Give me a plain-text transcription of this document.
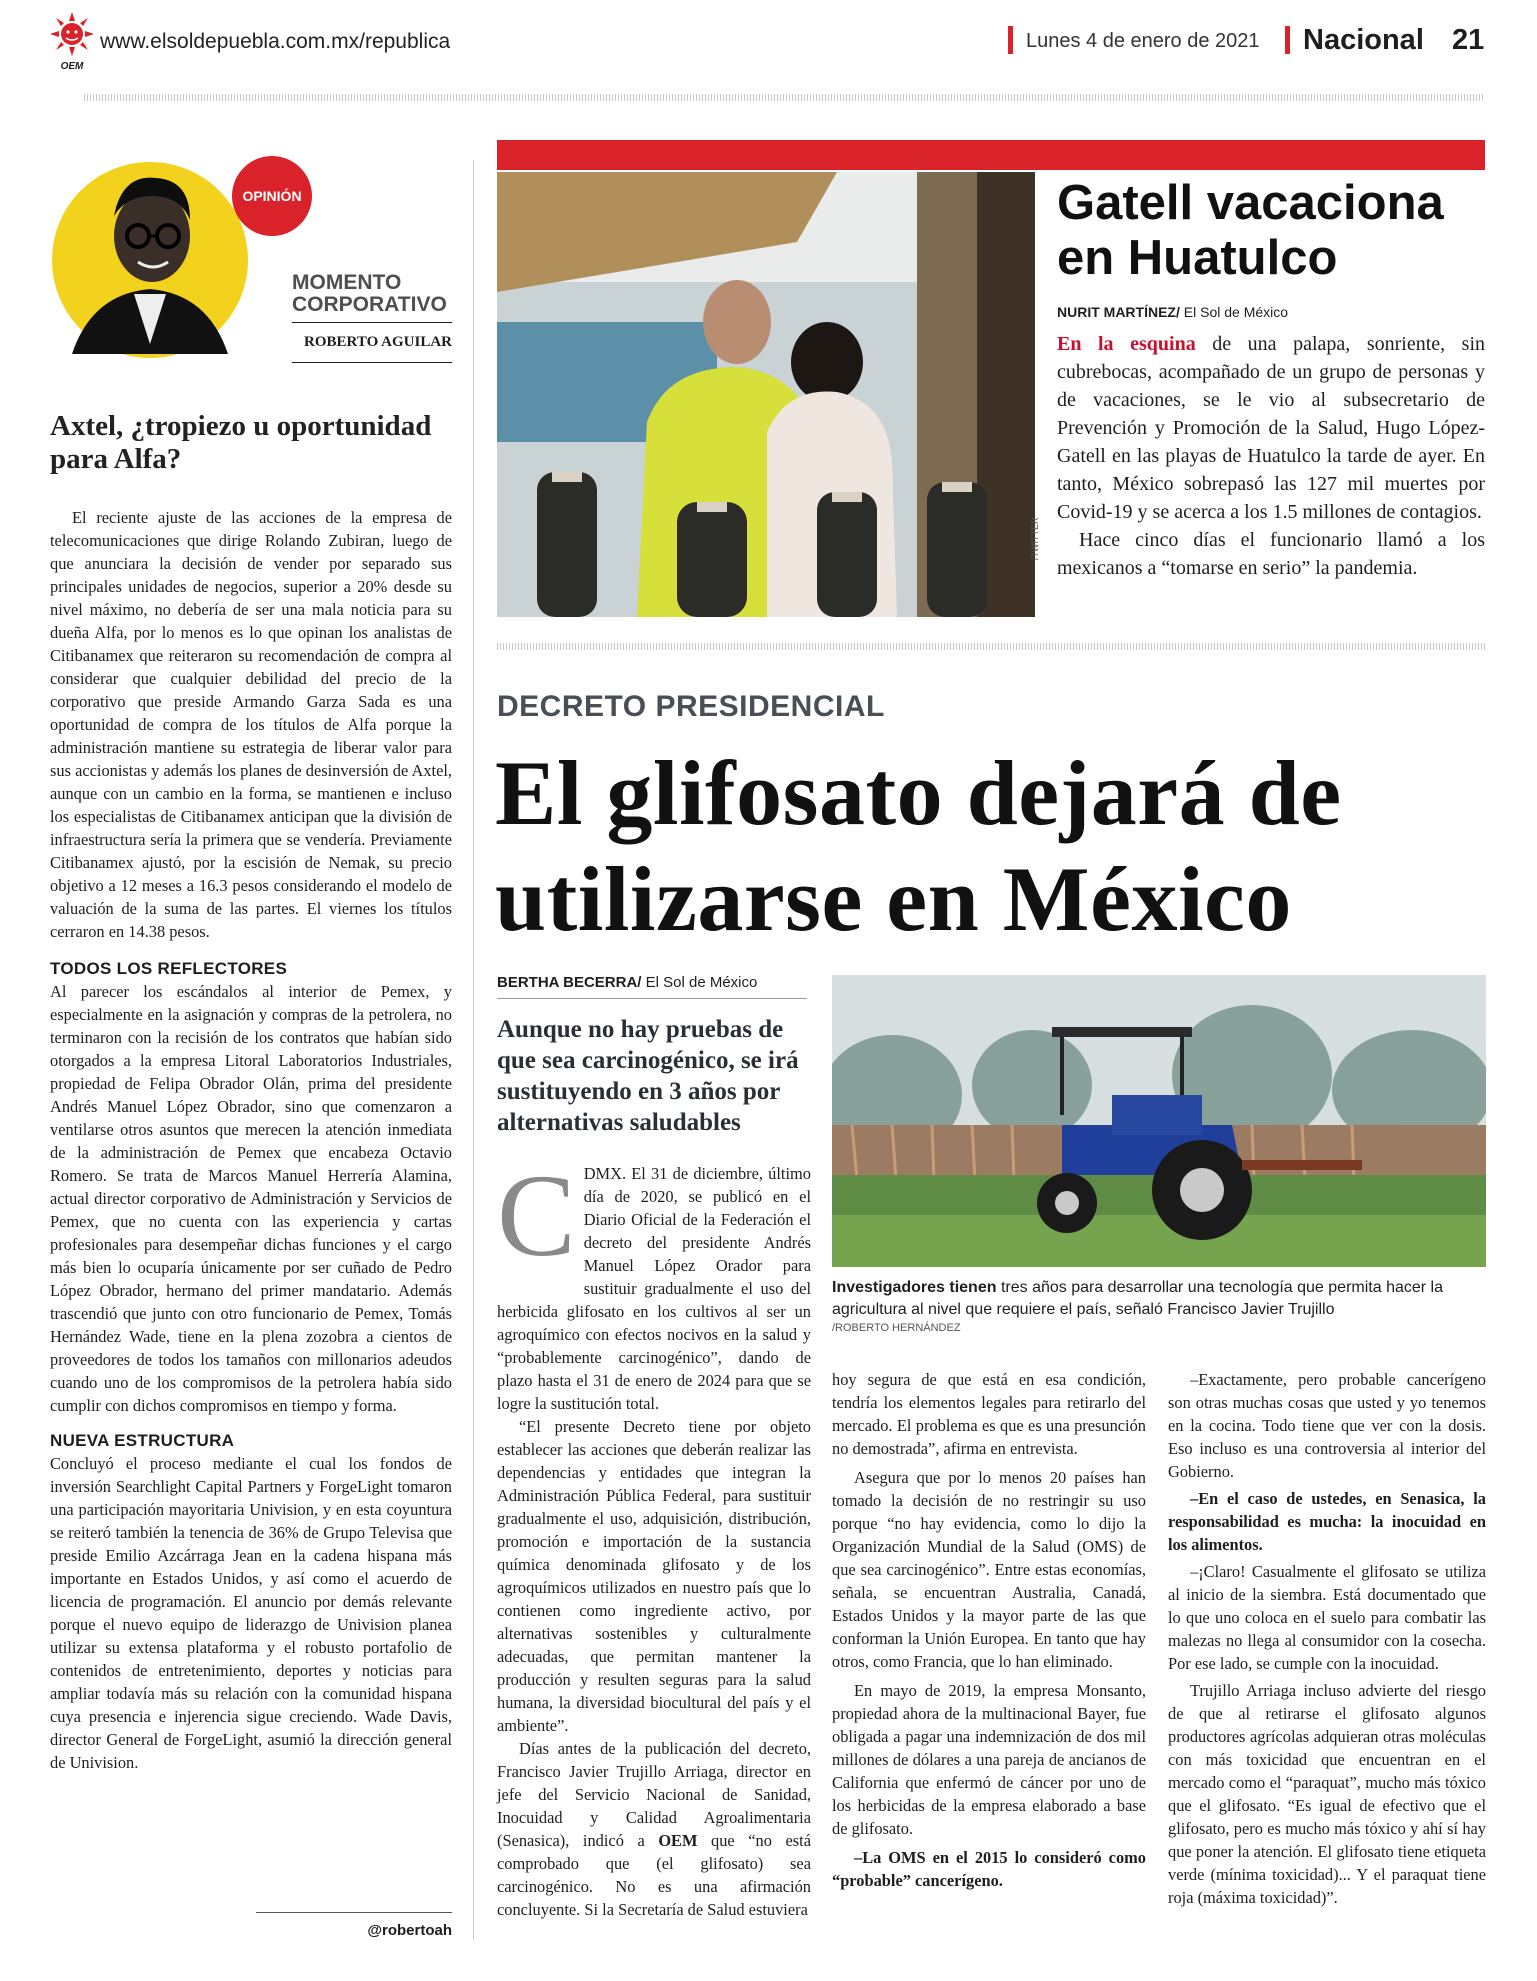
OEM
www.elsoldepuebla.com.mx/republica	Lunes 4 de enero de 2021 Nacional 21
OPINIÓN
MOMENTO
CORPORATIVO
ROBERTO AGUILAR
Axtel, ¿tropiezo u oportunidad para Alfa?

El reciente ajuste de las acciones de la empresa de telecomunicaciones que dirige Rolando Zubiran, luego de que anunciara la decisión de vender por separado sus principales unidades de negocios, superior a 20% desde su nivel máximo, no debería de ser una mala noticia para su dueña Alfa, por lo menos es lo que opinan los analistas de Citibanamex que reiteraron su recomendación de compra al considerar que cualquier debilidad del precio de la corporativo que preside Armando Garza Sada es una oportunidad de compra de los títulos de Alfa porque la administración mantiene su estrategia de liberar valor para sus accionistas y además los planes de desinversión de Axtel, aunque con un cambio en la forma, se mantienen e incluso los especialistas de Citibanamex anticipan que la división de infraestructura sería la primera que se vendería. Previamente Citibanamex ajustó, por la escisión de Nemak, su precio objetivo a 12 meses a 16.3 pesos considerando el modelo de valuación de la suma de las partes. El viernes los títulos cerraron en 14.38 pesos.

TODOS LOS REFLECTORES

Al parecer los escándalos al interior de Pemex, y especialmente en la asignación y compras de la petrolera, no terminaron con la recisión de los contratos que habían sido otorgados a la empresa Litoral Laboratorios Industriales, propiedad de Felipa Obrador Olán, prima del presidente Andrés Manuel López Obrador, sino que comenzaron a ventilarse otros asuntos que merecen la atención inmediata de la administración de Pemex que encabeza Octavio Romero. Se trata de Marcos Manuel Herrería Alamina, actual director corporativo de Administración y Servicios de Pemex, que no cuenta con las experiencia y cartas profesionales para desempeñar dichas funciones y el cargo más bien lo ocuparía únicamente por ser cuñado de Pedro López Obrador, hermano del primer mandatario. Además trascendió que junto con otro funcionario de Pemex, Tomás Hernández Wade, tiene en la plena zozobra a cientos de proveedores de todos los tamaños con millonarios adeudos cuando uno de los compromisos de la petrolera había sido cumplir con dichos compromisos en tiempo y forma.

NUEVA ESTRUCTURA

Concluyó el proceso mediante el cual los fondos de inversión Searchlight Capital Partners y ForgeLight tomaron una participación mayoritaria Univision, y en esta coyuntura se reiteró también la tenencia de 36% de Grupo Televisa que preside Emilio Azcárraga Jean en la cadena hispana más importante en Estados Unidos, y así como el acuerdo de licencia de programación. El anuncio por demás relevante porque el nuevo equipo de liderazgo de Univision planea utilizar su extensa plataforma y el robusto portafolio de contenidos de entretenimiento, deportes y noticias para ampliar todavía más su relación con la comunidad hispana cuya presencia e injerencia sigue creciendo. Wade Davis, director General de ForgeLight, asumió la dirección general de Univision.

@robertoah
/TWITTER
Gatell vacaciona en Huatulco
NURIT MARTÍNEZ/ El Sol de México

En la esquina de una palapa, sonriente, sin cubrebocas, acompañado de un grupo de personas y de vacaciones, se le vio al subsecretario de Prevención y Promoción de la Salud, Hugo López-Gatell en las playas de Huatulco la tarde de ayer. En tanto, México sobrepasó las 127 mil muertes por Covid-19 y se acerca a los 1.5 millones de contagios.

Hace cinco días el funcionario llamó a los mexicanos a “tomarse en serio” la pandemia.

DECRETO PRESIDENCIAL
El glifosato dejará de utilizarse en México
BERTHA BECERRA/ El Sol de México
Aunque no hay pruebas de que sea carcinogénico, se irá sustituyendo en 3 años por alternativas saludables
C DMX. El 31 de diciembre, último día de 2020, se publicó en el Diario Oficial de la Federación el decreto del presidente Andrés Manuel López Orador para sustituir gradualmente el uso del herbicida glifosato en los cultivos al ser un agroquímico con efectos nocivos en la salud y “probablemente carcinogénico”, dando de plazo hasta el 31 de enero de 2024 para que se logre la sustitución total.

“El presente Decreto tiene por objeto establecer las acciones que deberán realizar las dependencias y entidades que integran la Administración Pública Federal, para sustituir gradualmente el uso, adquisición, distribución, promoción e importación de la sustancia química denominada glifosato y de los agroquímicos utilizados en nuestro país que lo contienen como ingrediente activo, por alternativas sostenibles y culturalmente adecuadas, que permitan mantener la producción y resulten seguras para la salud humana, la diversidad biocultural del país y el ambiente”.

Días antes de la publicación del decreto, Francisco Javier Trujillo Arriaga, director en jefe del Servicio Nacional de Sanidad, Inocuidad y Calidad Agroalimentaria (Senasica), indicó a OEM que “no está comprobado que (el glifosato) sea carcinogénico. No es una afirmación concluyente. Si la Secretaría de Salud estuviera

Investigadores tienen tres años para desarrollar una tecnología que permita hacer la agricultura al nivel que requiere el país, señaló Francisco Javier Trujillo
/ROBERTO HERNÁNDEZ

hoy segura de que está en esa condición, tendría los elementos legales para retirarlo del mercado. El problema es que es una presunción no demostrada”, afirma en entrevista.

Asegura que por lo menos 20 países han tomado la decisión de no restringir su uso porque “no hay evidencia, como lo dijo la Organización Mundial de la Salud (OMS) de que sea carcinogénico”. Entre estas economías, señala, se encuentran Australia, Canadá, Estados Unidos y la mayor parte de las que conforman la Unión Europea. En tanto que hay otros, como Francia, que lo han eliminado.

En mayo de 2019, la empresa Monsanto, propiedad ahora de la multinacional Bayer, fue obligada a pagar una indemnización de dos mil millones de dólares a una pareja de ancianos de California que enfermó de cáncer por uno de los herbicidas de la empresa elaborado a base de glifosato.

–La OMS en el 2015 lo consideró como “probable” cancerígeno.

–Exactamente, pero probable cancerígeno son otras muchas cosas que usted y yo tenemos en la cocina. Todo tiene que ver con la dosis. Eso incluso es una controversia al interior del Gobierno.

–En el caso de ustedes, en Senasica, la responsabilidad es mucha: la inocuidad en los alimentos.

–¡Claro! Casualmente el glifosato se utiliza al inicio de la siembra. Está documentado que lo que uno coloca en el suelo para combatir las malezas no llega al consumidor con la cosecha. Por ese lado, se cumple con la inocuidad.

Trujillo Arriaga incluso advierte del riesgo de que al retirarse el glifosato algunos productores agrícolas adquieran otras moléculas con más toxicidad que encuentran en el mercado como el “paraquat”, mucho más tóxico que el glifosato. “Es igual de efectivo que el glifosato, pero es mucho más tóxico y ahí sí hay que poner la atención. El glifosato tiene etiqueta verde (mínima toxicidad)... Y el paraquat tiene roja (máxima toxicidad)”.
